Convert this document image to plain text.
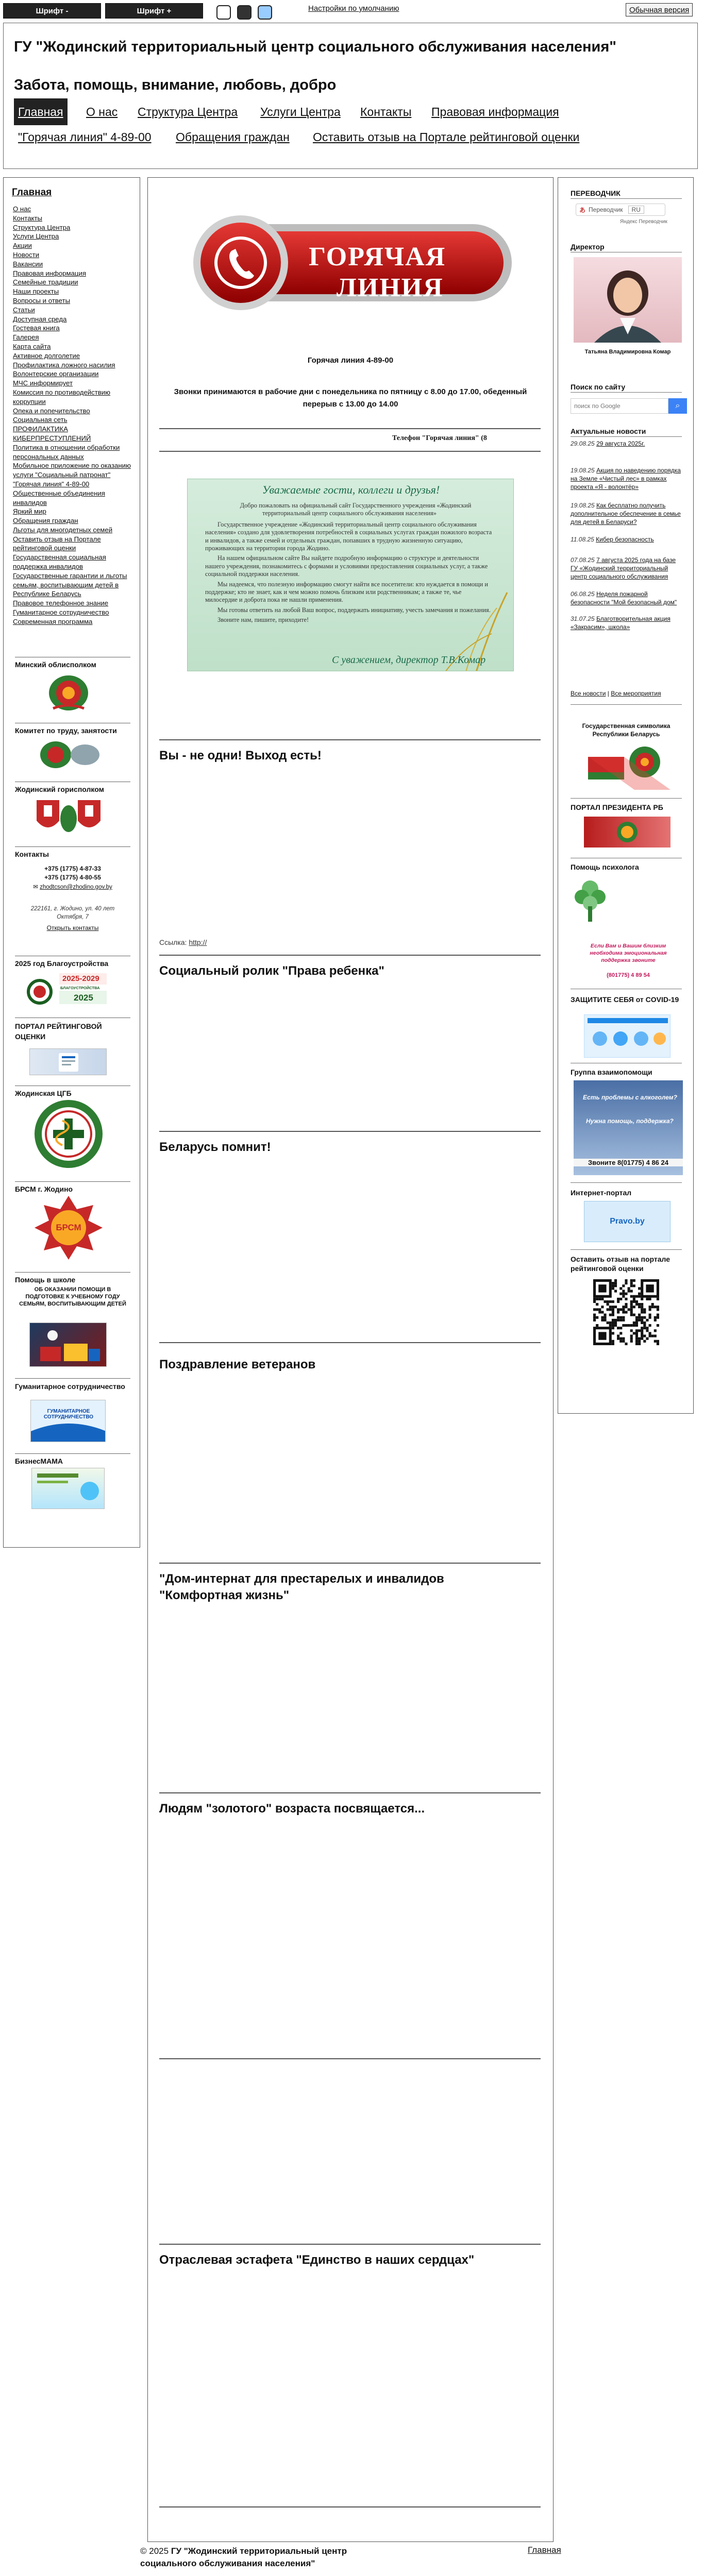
Шрифт -	Шрифт +	Настройки по умолчанию	Обычная версия
ГУ "Жодинский территориальный центр социального обслуживания населения"
Забота, помощь, внимание, любовь, добро
Главная	О нас Структура Центра Услуги Центра Контакты Правовая информация
"Горячая линия" 4-89-00 Обращения граждан Оставить отзыв на Портале рейтинговой оценки
Главная
О нас
Контакты
Структура Центра
Услуги Центра
Акции
Новости
Вакансии
Правовая информация
Семейные традиции
Наши проекты
Вопросы и ответы
Статьи
Доступная среда
Гостевая книга
Галерея
Карта сайта
Активное долголетие
Профилактика ложного насилия
Волонтерские организации
МЧС информирует
Комиссия по противодействию коррупции
Опека и попечительство
Социальная сеть
ПРОФИЛАКТИКА
КИБЕРПРЕСТУПЛЕНИЙ
Политика в отношении обработки
персональных данных
Мобильное приложение по оказанию
услуги "Социальный патронат"
"Горячая линия" 4-89-00
Общественные объединения
инвалидов
Яркий мир
Обращения граждан
Льготы для многодетных семей
Оставить отзыв на Портале
рейтинговой оценки
Государственная социальная
поддержка инвалидов
Государственные гарантии и льготы
семьям, воспитывающим детей в
Республике Беларусь
Правовое телефонное знание
Гуманитарное сотрудничество
Современная программа
Минский облисполком
Комитет по труду, занятости
Жодинский горисполком
Контакты
+375 (1775) 4-87-33
+375 (1775) 4-80-55
✉ zhodtcson@zhodino.gov.by
222161, г. Жодино, ул. 40 лет Октября, 7
Открыть контакты
2025 год Благоустройства
2025-2029
БЛАГОУСТРОЙСТВА
2025
ПОРТАЛ РЕЙТИНГОВОЙ ОЦЕНКИ
Жодинская ЦГБ
БРСМ г. Жодино
БРСМ
Помощь в школе
ОБ ОКАЗАНИИ ПОМОЩИ В ПОДГОТОВКЕ К УЧЕБНОМУ ГОДУ СЕМЬЯМ, ВОСПИТЫВАЮЩИМ ДЕТЕЙ
Гуманитарное сотрудничество
ГУМАНИТАРНОЕ СОТРУДНИЧЕСТВО
БизнесМАМА
ГОРЯЧАЯ
ЛИНИЯ
Горячая линия 4-89-00
Звонки принимаются в рабочие дни с понедельника по пятницу с 8.00 до 17.00, обеденный перерыв с 13.00 до 14.00
Телефон "Горячая линия" (8
Уважаемые гости, коллеги и друзья!

Добро пожаловать на официальный сайт Государственного учреждения «Жодинский территориальный центр социального обслуживания населения»

Государственное учреждение «Жодинский территориальный центр социального обслуживания населения» создано для удовлетворения потребностей в социальных услугах граждан пожилого возраста и инвалидов, а также семей и отдельных граждан, попавших в трудную жизненную ситуацию, проживающих на территории города Жодино.

На нашем официальном сайте Вы найдете подробную информацию о структуре и деятельности нашего учреждения, познакомитесь с формами и условиями предоставления социальных услуг, а также социальной поддержки населения.

Мы надеемся, что полезную информацию смогут найти все посетители: кто нуждается в помощи и поддержке; кто не знает, как и чем можно помочь близким или родственникам; а также те, чье милосердие и доброта пока не нашли применения.

Мы готовы ответить на любой Ваш вопрос, поддержать инициативу, учесть замечания и пожелания.

Звоните нам, пишите, приходите!

С уважением, директор Т.В.Комар
Вы - не одни! Выход есть!
Ссылка: http://
Социальный ролик "Права ребенка"
Беларусь помнит!
Поздравление ветеранов
"Дом-интернат для престарелых и инвалидов "Комфортная жизнь"
Людям "золотого" возраста посвящается...
Отраслевая эстафета "Единство в наших сердцах"
ПЕРЕВОДЧИК
あ Переводчик	RU
Яндекс Переводчик
Директор
Татьяна Владимировна Комар
Поиск по сайту
поиск по Google
⌕
Актуальные новости
29.08.25 29 августа 2025г.
19.08.25 Акция по наведению порядка на Земле «Чистый лес» в рамках проекта «Я - волонтёр»
19.08.25 Как бесплатно получить дополнительное обеспечение в семье для детей в Беларуси?
11.08.25 Кибер безопасность
07.08.25 7 августа 2025 года на базе ГУ «Жодинский территориальный центр социального обслуживания
06.08.25 Неделя пожарной безопасности "Мой безопасный дом"
31.07.25 Благотворительная акция «Закрасим», школа»
Все новости | Все мероприятия
Государственная символика Республики Беларусь
ПОРТАЛ ПРЕЗИДЕНТА РБ
Помощь психолога
Если Вам и Вашим близким необходима эмоциональная поддержка звоните
(801775) 4 89 54
ЗАЩИТИТЕ СЕБЯ от COVID-19
Группа взаимопомощи
Есть проблемы с алкоголем?
Нужна помощь, поддержка?
Звоните 8(01775) 4 86 24
Интернет-портал
Pravo.by
Оставить отзыв на портале рейтинговой оценки
© 2025 ГУ "Жодинский территориальный центр социального обслуживания населения"
Главная
